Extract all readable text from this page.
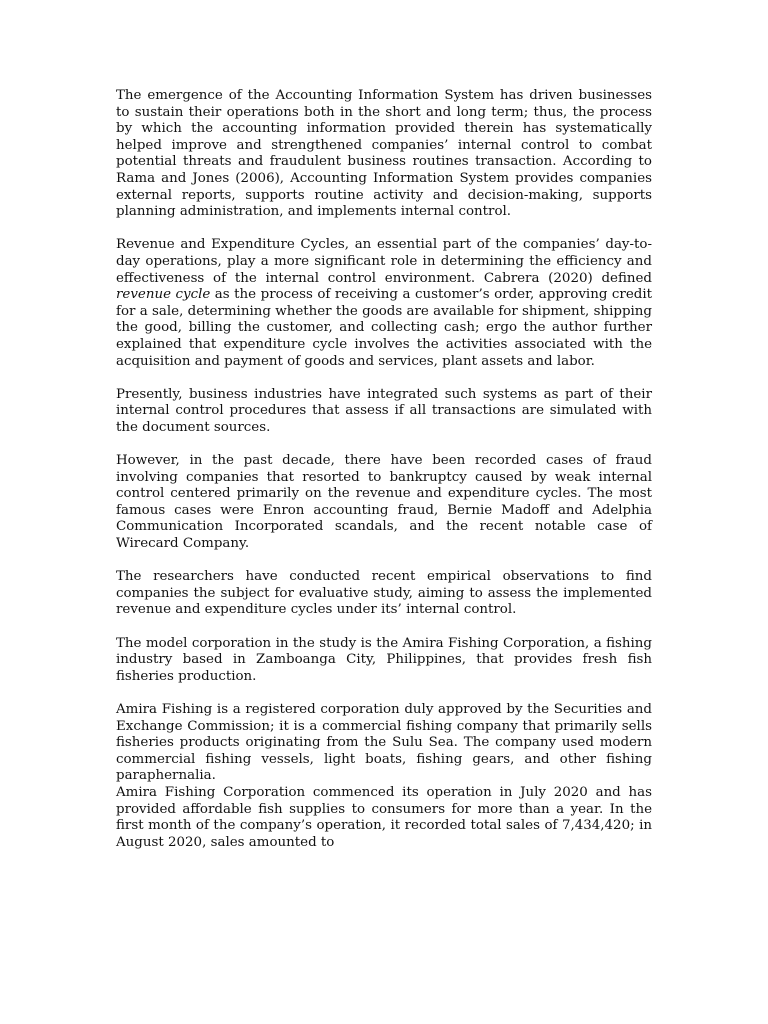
The emergence of the Accounting Information System has driven businesses to sustain their operations both in the short and long term; thus, the process by which the accounting information provided therein has systematically helped improve and strengthened companies’ internal control to combat potential threats and fraudulent business routines transaction. According to Rama and Jones (2006), Accounting Information System provides companies external reports, supports routine activity and decision-making, supports planning administration, and implements internal control.

Revenue and Expenditure Cycles, an essential part of the companies’ day-to-day operations, play a more significant role in determining the efficiency and effectiveness of the internal control environment. Cabrera (2020) defined revenue cycle as the process of receiving a customer’s order, approving credit for a sale, determining whether the goods are available for shipment, shipping the good, billing the customer, and collecting cash; ergo the author further explained that expenditure cycle involves the activities associated with the acquisition and payment of goods and services, plant assets and labor.

Presently, business industries have integrated such systems as part of their internal control procedures that assess if all transactions are simulated with the document sources.

However, in the past decade, there have been recorded cases of fraud involving companies that resorted to bankruptcy caused by weak internal control centered primarily on the revenue and expenditure cycles. The most famous cases were Enron accounting fraud, Bernie Madoff and Adelphia Communication Incorporated scandals, and the recent notable case of Wirecard Company.

The researchers have conducted recent empirical observations to find companies the subject for evaluative study, aiming to assess the implemented revenue and expenditure cycles under its’ internal control.

The model corporation in the study is the Amira Fishing Corporation, a fishing industry based in Zamboanga City, Philippines, that provides fresh fish fisheries production.

Amira Fishing is a registered corporation duly approved by the Securities and Exchange Commission; it is a commercial fishing company that primarily sells fisheries products originating from the Sulu Sea. The company used modern commercial fishing vessels, light boats, fishing gears, and other fishing paraphernalia.

Amira Fishing Corporation commenced its operation in July 2020 and has provided affordable fish supplies to consumers for more than a year. In the first month of the company’s operation, it recorded total sales of 7,434,420; in August 2020, sales amounted to
